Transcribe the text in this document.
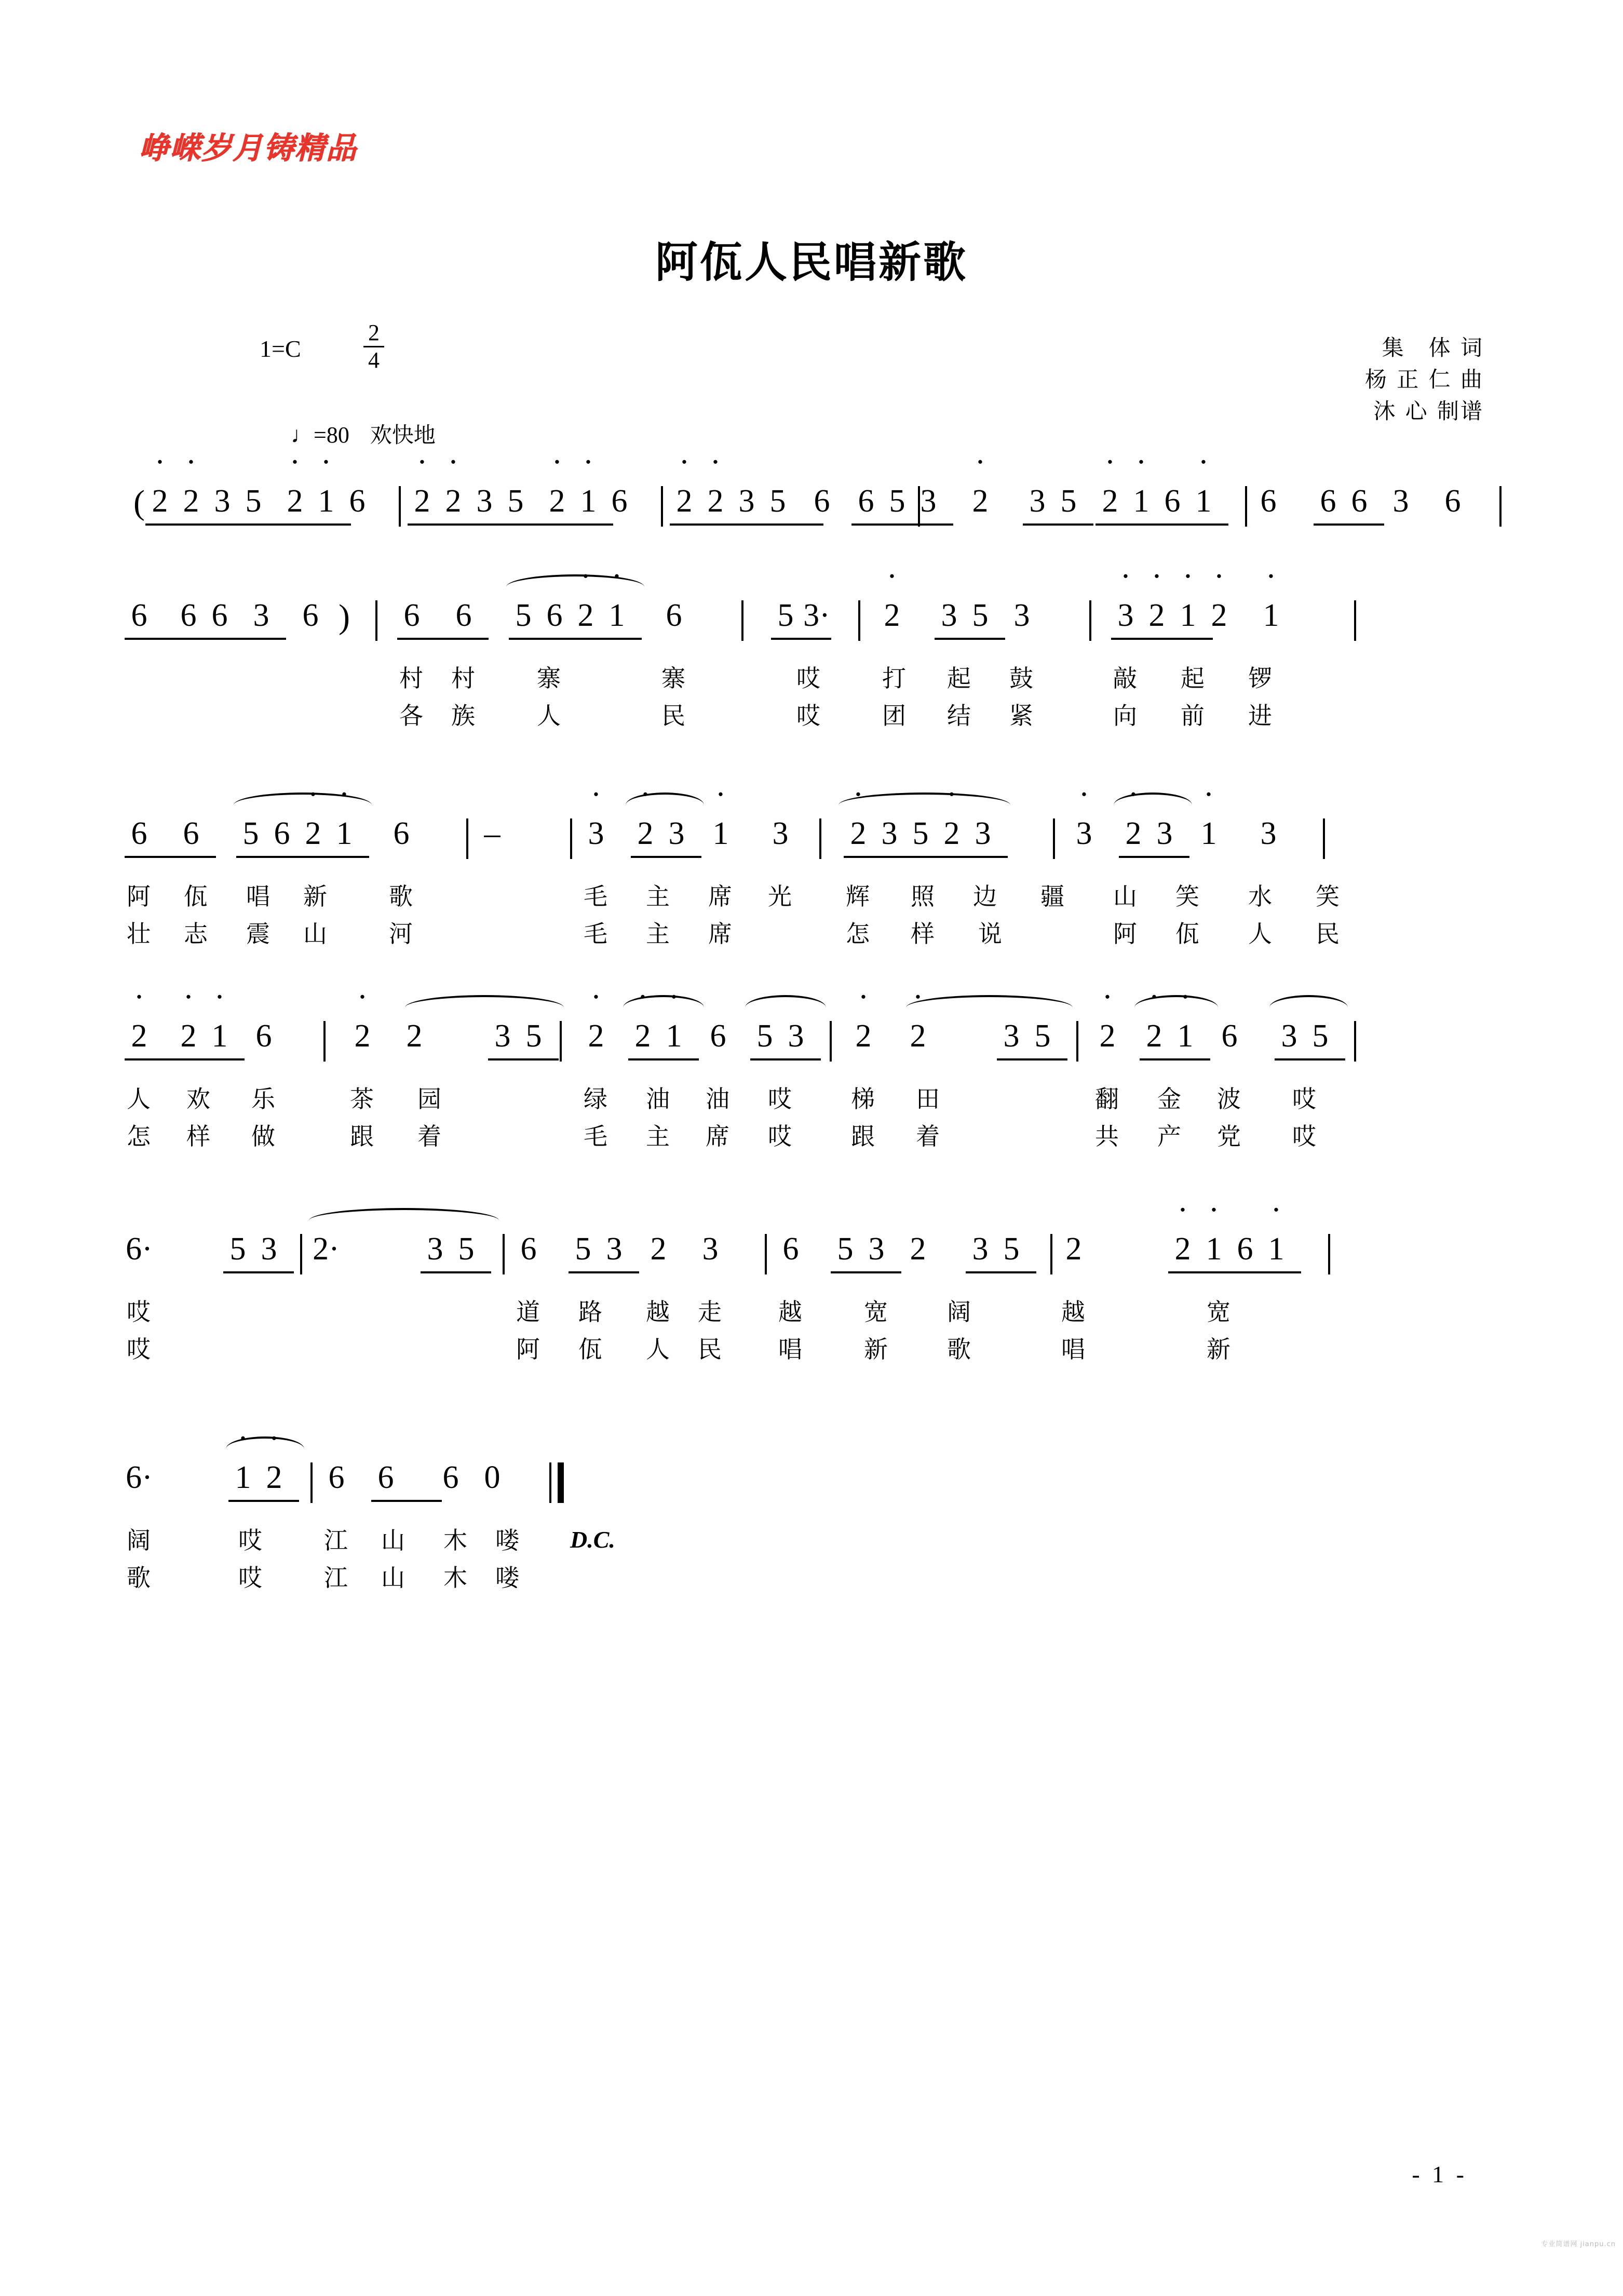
峥嵘岁月铸精品
阿佤人民唱新歌
1=C
2
4
♩=80 欢快地
集　体 词
杨 正 仁 曲
沐 心 制谱
( · 2 · 2 3 5 · 2 · 1 6 · 2 · 2 3 5 · 2 · 1 6 · 2 · 2 3 5 6 6 5 3 · 2 3 5 · 2 · 1 6 · 1 6 6 6 3 6
6 6 6 3 6 ) 6 6 5 6 · 2 · 1 6	5 3· · 2 3 5 3	· 3 · 2 · 1 · 2 · 1
村 村	寨	寨	哎	打 起 鼓	敲 起 锣
各 族	人	民	哎	团 结 紧	向 前 进
6 6 5 6 · 2 · 1 6 –	· 3 · 2 3 · 1 3 · 2 3 5 · 2 3	· 3 · 2 3 · 1 3
阿 佤 唱 新	歌	毛 主 席 光 辉 照 边 疆 山 笑 水 笑
壮 志 震 山	河	毛 主 席	怎 样 说	阿 佤 人 民
· 2 · 2 · 1 6	· 2 2 3 5 · 2 · 2 · 1 6 5 3 · 2 · 2 3 5 · 2 · 2 · 1 6 3 5
人 欢 乐	茶 园	绿 油 油 哎 梯 田	翻 金 波 哎
怎 样 做	跟 着	毛 主 席 哎 跟 着	共 产 党 哎
6· 5 3 2·	3 5 6 5 3 2 3 6 5 3 2 3 5 2	· 2 · 1 6 · 1
哎	道 路 越 走 越	宽 阔	越	宽
哎	阿 佤 人 民 唱	新 歌	唱	新
6·	· 1 · 2 6 6 6 0
D.C.
阔	哎	江 山 木 喽
歌	哎	江 山 木 喽
- 1 -
专业简谱网 jianpu.cn
